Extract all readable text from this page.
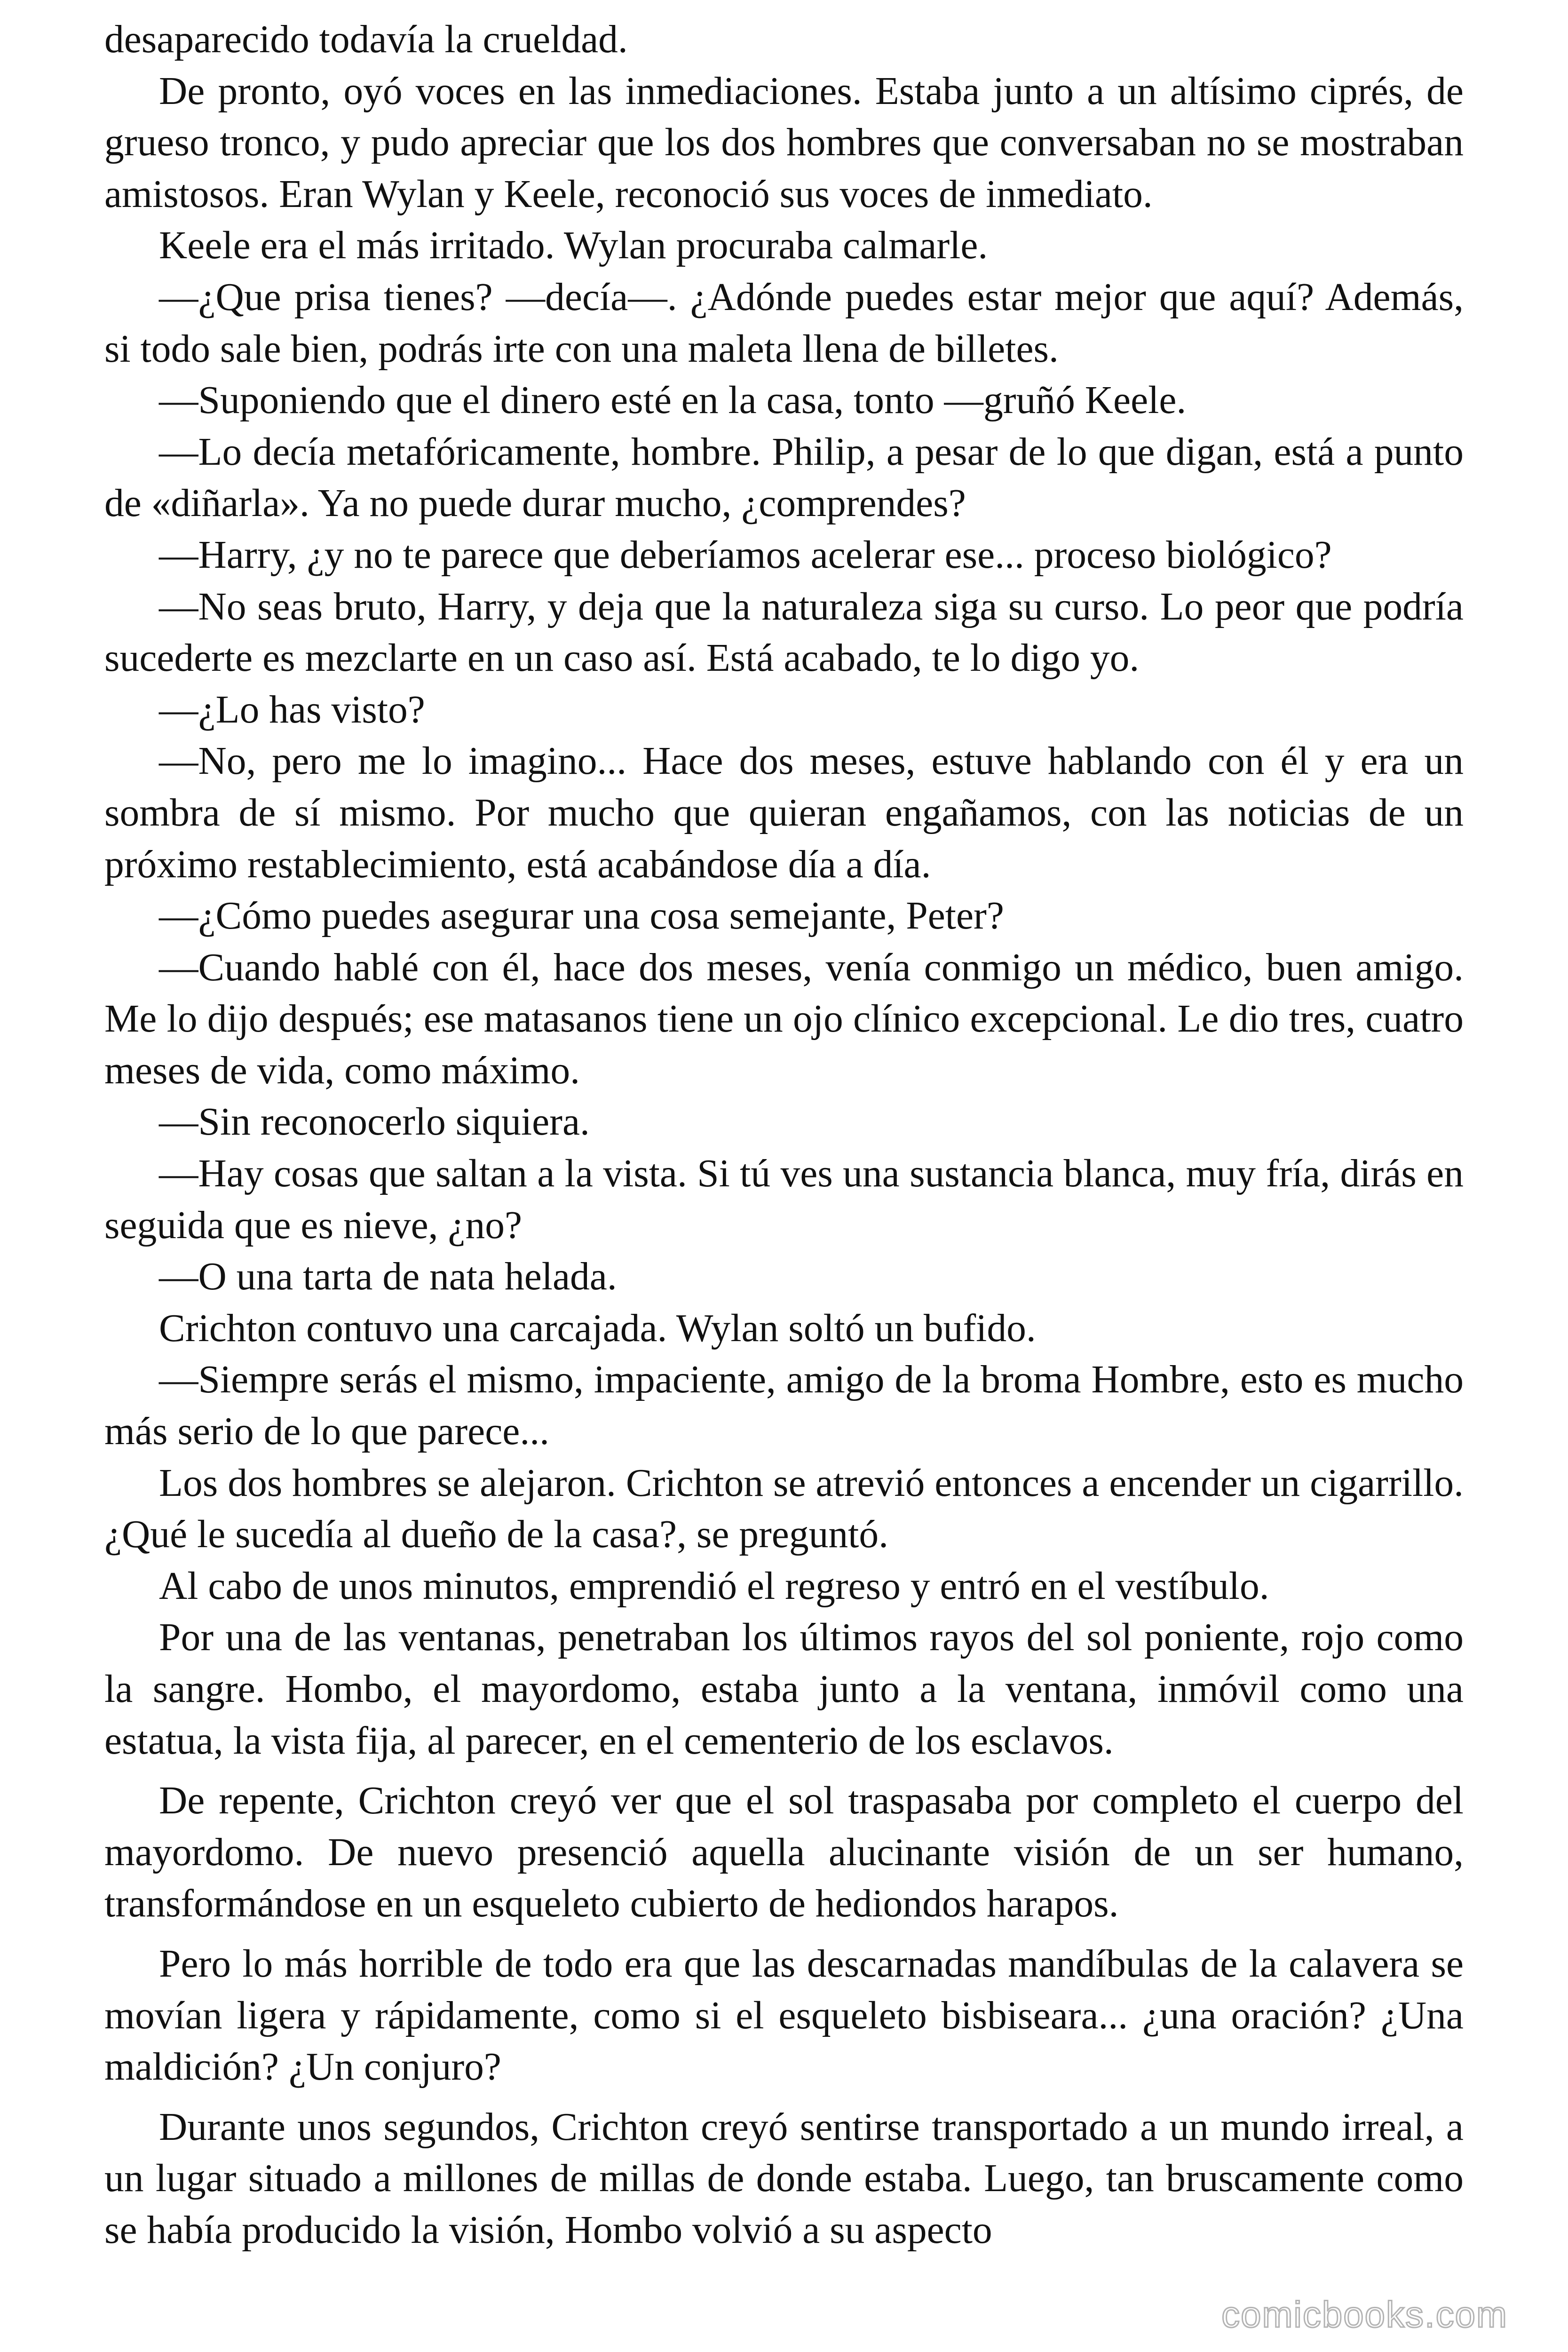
desaparecido todavía la crueldad.

De pronto, oyó voces en las inmediaciones. Estaba junto a un altísimo ciprés, de grueso tronco, y pudo apreciar que los dos hombres que conversaban no se mostraban amistosos. Eran Wylan y Keele, reconoció sus voces de inmediato.

Keele era el más irritado. Wylan procuraba calmarle.

—¿Que prisa tienes? —decía—. ¿Adónde puedes estar mejor que aquí? Además, si todo sale bien, podrás irte con una maleta llena de billetes.

—Suponiendo que el dinero esté en la casa, tonto —gruñó Keele.

—Lo decía metafóricamente, hombre. Philip, a pesar de lo que digan, está a punto de «diñarla». Ya no puede durar mucho, ¿comprendes?

—Harry, ¿y no te parece que deberíamos acelerar ese... proceso biológico?

—No seas bruto, Harry, y deja que la naturaleza siga su curso. Lo peor que podría sucederte es mezclarte en un caso así. Está acabado, te lo digo yo.

—¿Lo has visto?

—No, pero me lo imagino... Hace dos meses, estuve hablando con él y era un sombra de sí mismo. Por mucho que quieran engañamos, con las noticias de un próximo restablecimiento, está acabándose día a día.

—¿Cómo puedes asegurar una cosa semejante, Peter?

—Cuando hablé con él, hace dos meses, venía conmigo un médico, buen amigo. Me lo dijo después; ese matasanos tiene un ojo clínico excepcional. Le dio tres, cuatro meses de vida, como máximo.

—Sin reconocerlo siquiera.

—Hay cosas que saltan a la vista. Si tú ves una sustancia blanca, muy fría, dirás en seguida que es nieve, ¿no?

—O una tarta de nata helada.

Crichton contuvo una carcajada. Wylan soltó un bufido.

—Siempre serás el mismo, impaciente, amigo de la broma Hombre, esto es mucho más serio de lo que parece...

Los dos hombres se alejaron. Crichton se atrevió entonces a encender un cigarrillo. ¿Qué le sucedía al dueño de la casa?, se preguntó.

Al cabo de unos minutos, emprendió el regreso y entró en el vestíbulo.

Por una de las ventanas, penetraban los últimos rayos del sol poniente, rojo como la sangre. Hombo, el mayordomo, estaba junto a la ventana, inmóvil como una estatua, la vista fija, al parecer, en el cementerio de los esclavos.

De repente, Crichton creyó ver que el sol traspasaba por completo el cuerpo del mayordomo. De nuevo presenció aquella alucinante visión de un ser humano, transformándose en un esqueleto cubierto de hediondos harapos.

Pero lo más horrible de todo era que las descarnadas mandíbulas de la calavera se movían ligera y rápidamente, como si el esqueleto bisbiseara... ¿una oración? ¿Una maldición? ¿Un conjuro?

Durante unos segundos, Crichton creyó sentirse transportado a un mundo irreal, a un lugar situado a millones de millas de donde estaba. Luego, tan bruscamente como se había producido la visión, Hombo volvió a su aspecto

comicbooks.com
